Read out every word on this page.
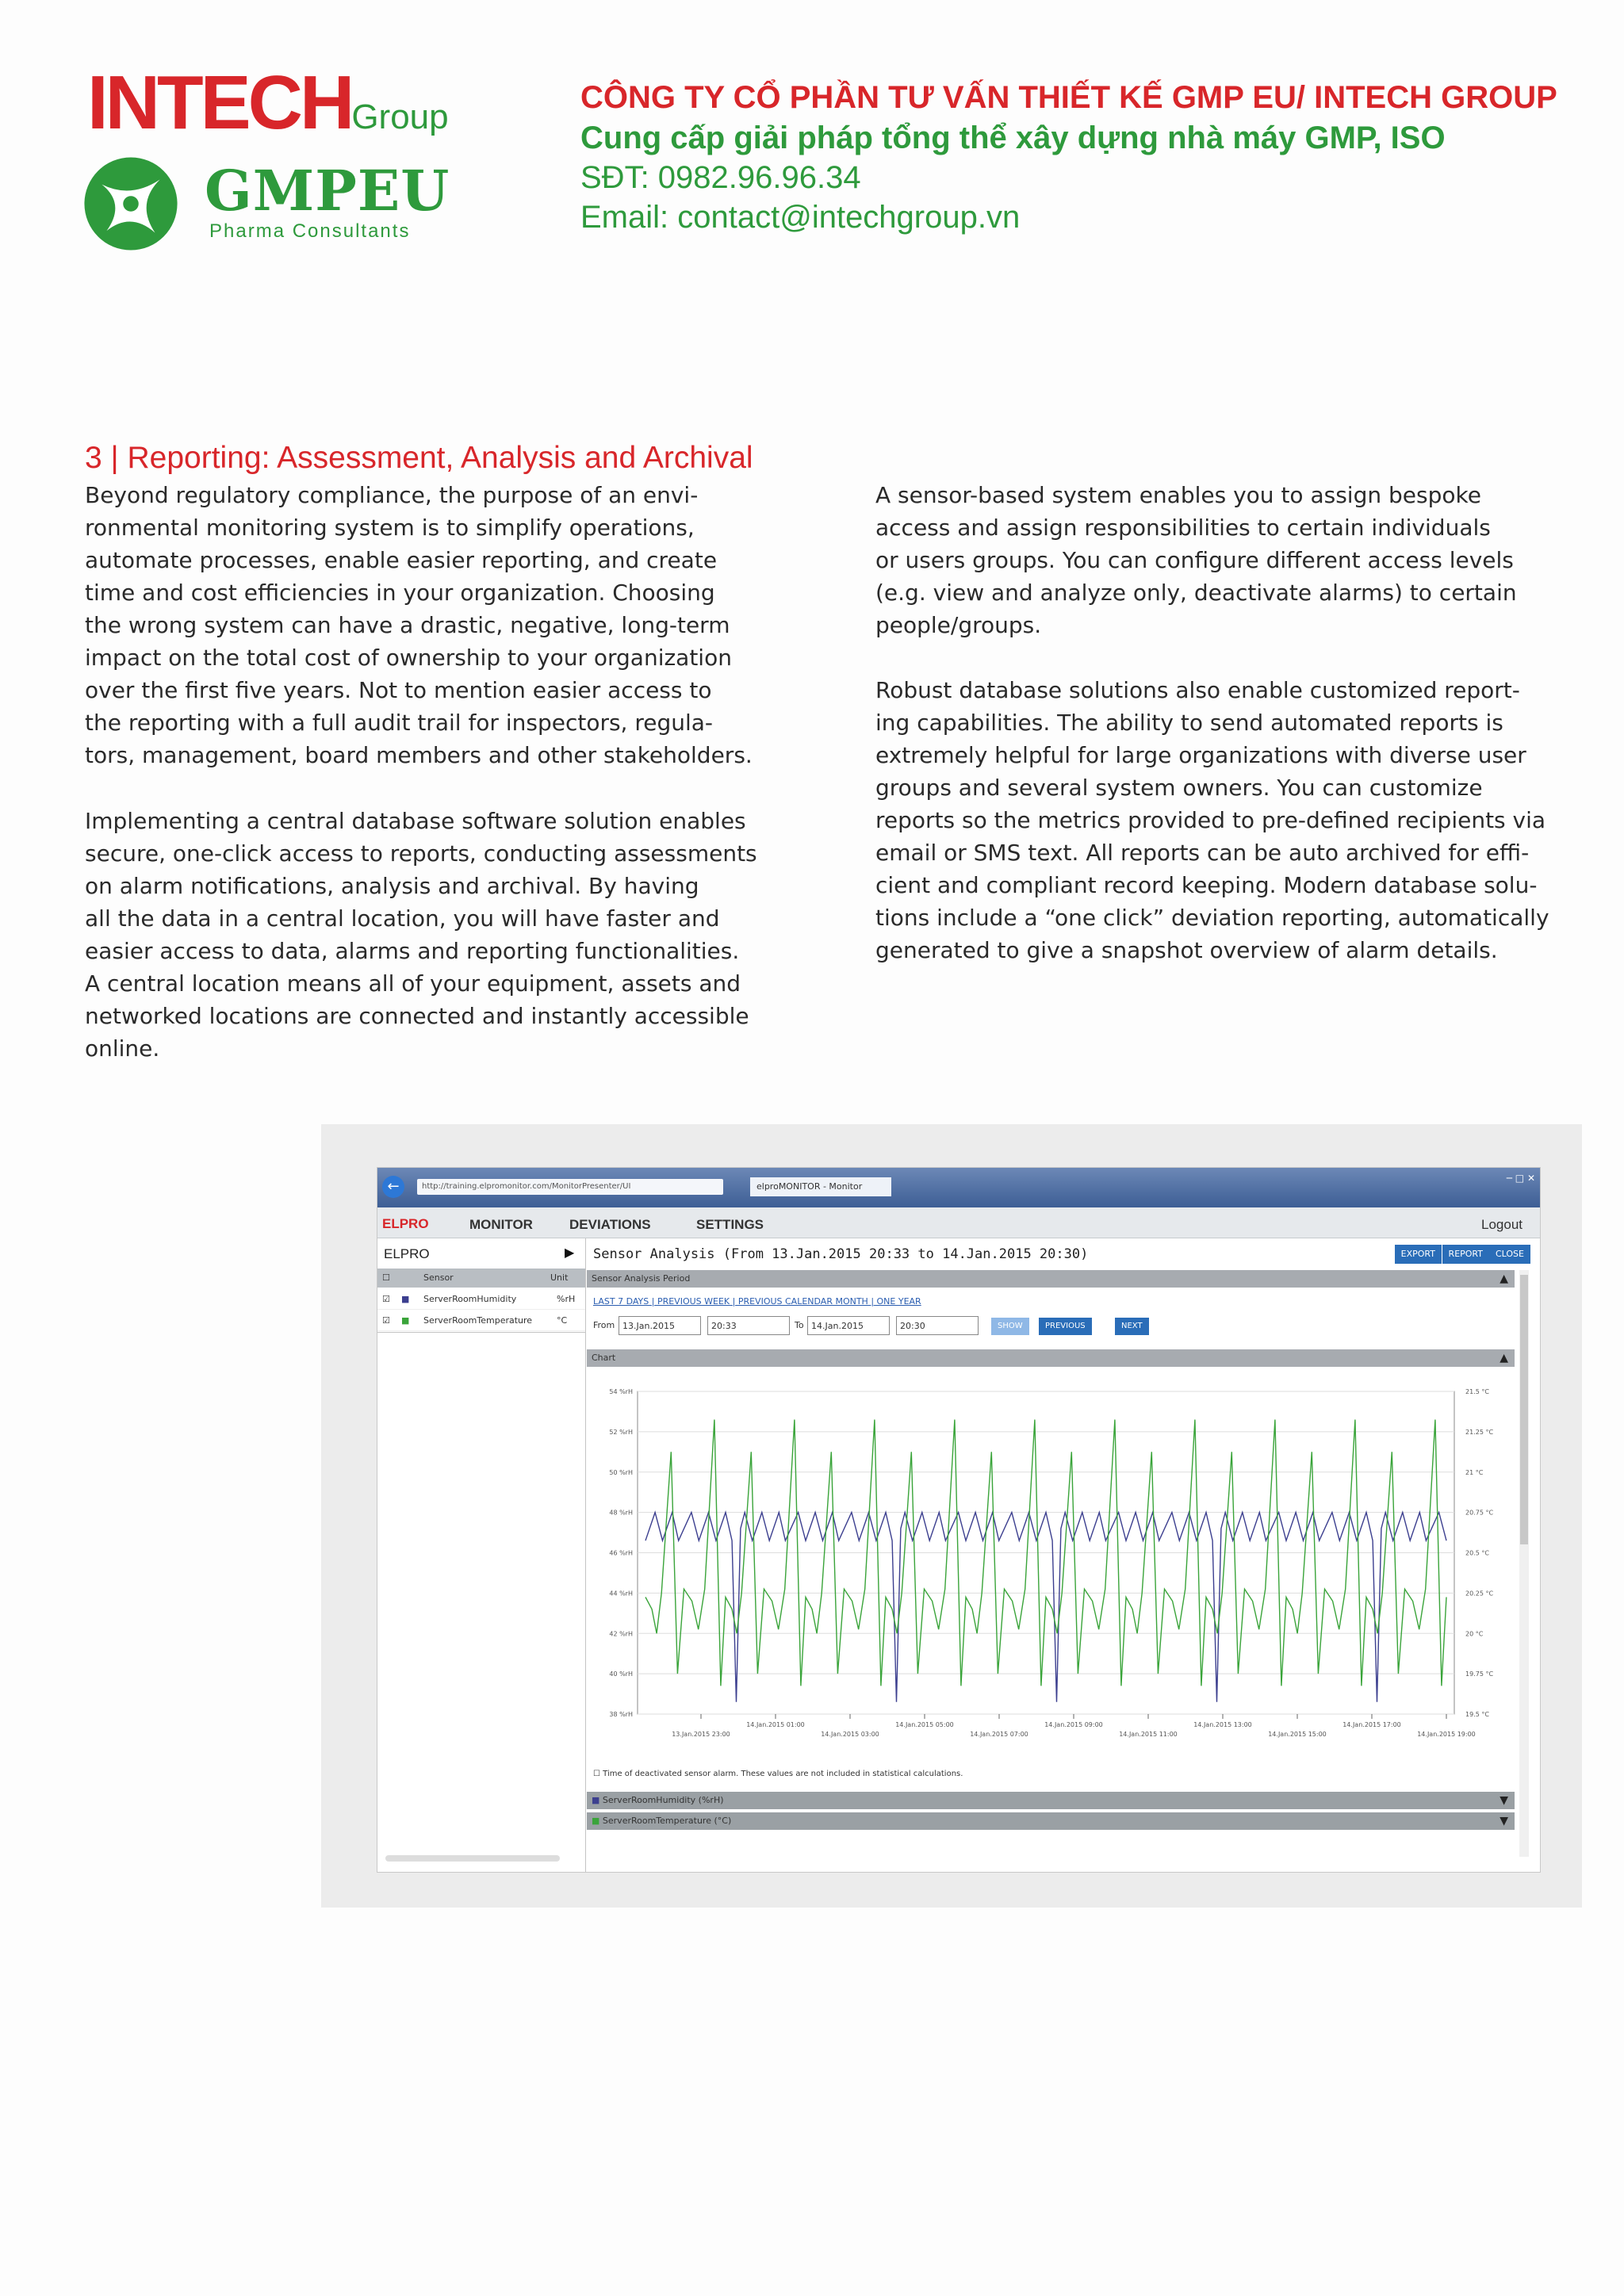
INTECHGroup
GMPEU
Pharma Consultants
CÔNG TY CỔ PHẦN TƯ VẤN THIẾT KẾ GMP EU/ INTECH GROUP
Cung cấp giải pháp tổng thể xây dựng nhà máy GMP, ISO
SĐT: 0982.96.96.34
Email: contact@intechgroup.vn
3 | Reporting: Assessment, Analysis and Archival

Beyond regulatory compliance, the purpose of an envi-
ronmental monitoring system is to simplify operations,
automate processes, enable easier reporting, and create
time and cost efficiencies in your organization. Choosing
the wrong system can have a drastic, negative, long-term
impact on the total cost of ownership to your organization
over the first five years. Not to mention easier access to
the reporting with a full audit trail for inspectors, regula-
tors, management, board members and other stakeholders.

Implementing a central database software solution enables
secure, one-click access to reports, conducting assessments
on alarm notifications, analysis and archival. By having
all the data in a central location, you will have faster and
easier access to data, alarms and reporting functionalities.
A central location means all of your equipment, assets and
networked locations are connected and instantly accessible
online.

A sensor-based system enables you to assign bespoke
access and assign responsibilities to certain individuals
or users groups. You can configure different access levels
(e.g. view and analyze only, deactivate alarms) to certain
people/groups.

Robust database solutions also enable customized report-
ing capabilities. The ability to send automated reports is
extremely helpful for large organizations with diverse user
groups and several system owners. You can customize
reports so the metrics provided to pre-defined recipients via
email or SMS text. All reports can be auto archived for effi-
cient and compliant record keeping. Modern database solu-
tions include a “one click” deviation reporting, automatically
generated to give a snapshot overview of alarm details.

←	http://training.elpromonitor.com/MonitorPresenter/UI	elproMONITOR - Monitor
─ □ ✕
ELPRO	MONITOR	DEVIATIONS	SETTINGS	Logout
ELPRO	▶
☐	Sensor	Unit
☑ ■ ServerRoomHumidity	%rH
☑ ■ ServerRoomTemperature	°C
Sensor Analysis (From 13.Jan.2015 20:33 to 14.Jan.2015 20:30)	EXPORT	REPORT	CLOSE
Sensor Analysis Period	▲
LAST 7 DAYS | PREVIOUS WEEK | PREVIOUS CALENDAR MONTH | ONE YEAR
From 13.Jan.2015	20:33	To 14.Jan.2015	20:30	SHOW	PREVIOUS	NEXT
Chart	▲
54 %rH	21.5 °C
52 %rH	21.25 °C
50 %rH	21 °C
48 %rH	20.75 °C
46 %rH	20.5 °C
44 %rH	20.25 °C
42 %rH	20 °C
40 %rH	19.75 °C
38 %rH	19.5 °C
13.Jan.2015 23:00	14.Jan.2015 03:00	14.Jan.2015 07:00	14.Jan.2015 11:00	14.Jan.2015 15:00	14.Jan.2015 19:00
14.Jan.2015 01:00	14.Jan.2015 05:00	14.Jan.2015 09:00	14.Jan.2015 13:00	14.Jan.2015 17:00
☐ Time of deactivated sensor alarm. These values are not included in statistical calculations.
■ ServerRoomHumidity (%rH)	▼
■ ServerRoomTemperature (°C)	▼
